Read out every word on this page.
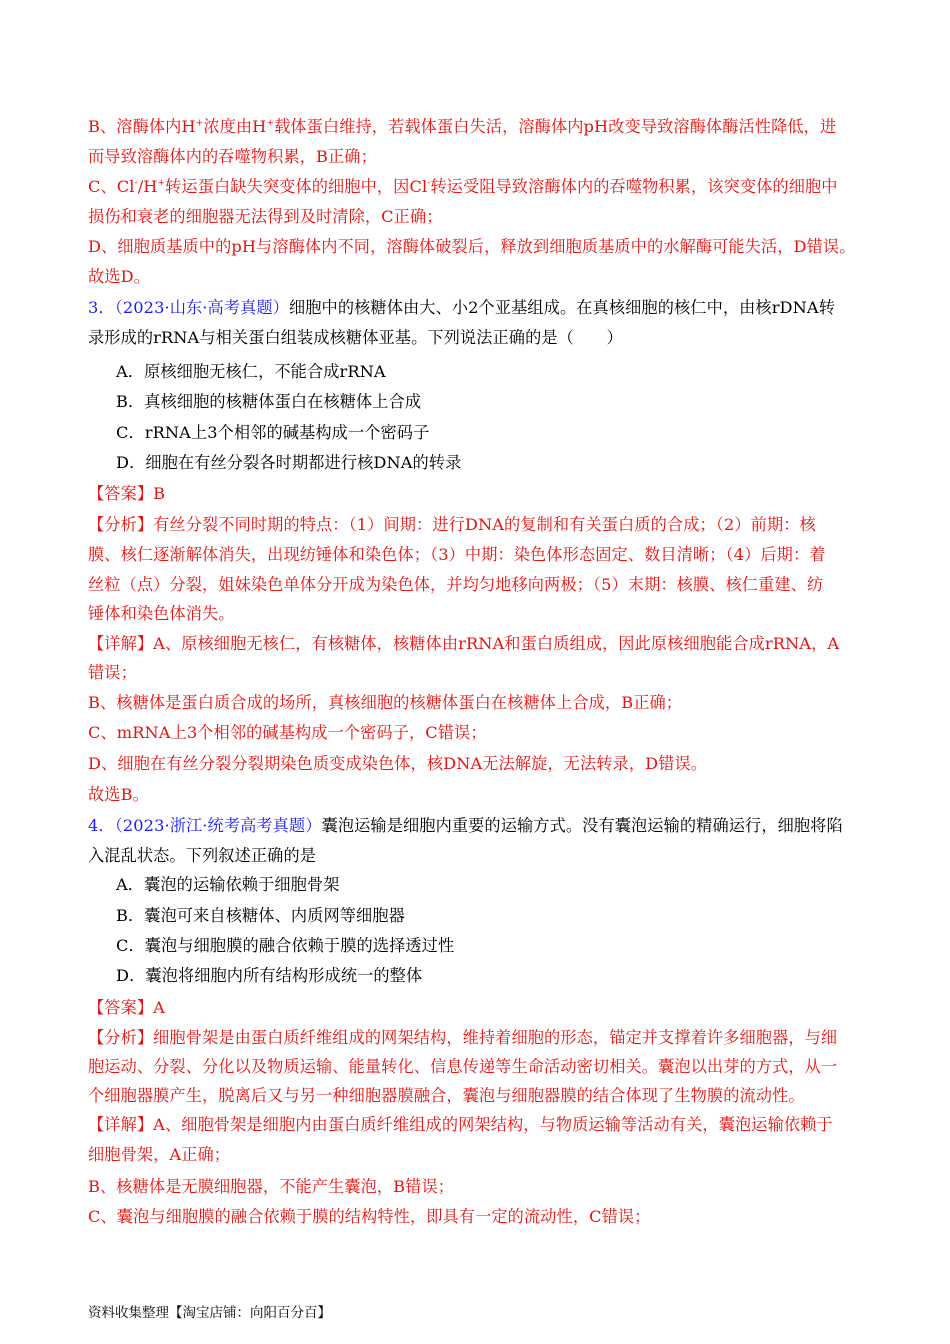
B、溶酶体内H+浓度由H+载体蛋白维持，若载体蛋白失活，溶酶体内pH改变导致溶酶体酶活性降低，进
而导致溶酶体内的吞噬物积累，B正确；
C、Cl-/H+转运蛋白缺失突变体的细胞中，因Cl-转运受阻导致溶酶体内的吞噬物积累，该突变体的细胞中
损伤和衰老的细胞器无法得到及时清除，C正确；
D、细胞质基质中的pH与溶酶体内不同，溶酶体破裂后，释放到细胞质基质中的水解酶可能失活，D错误。
故选D。
3．（2023·山东·高考真题）细胞中的核糖体由大、小2个亚基组成。在真核细胞的核仁中，由核rDNA转
录形成的rRNA与相关蛋白组装成核糖体亚基。下列说法正确的是（　　）
A．原核细胞无核仁，不能合成rRNA
B．真核细胞的核糖体蛋白在核糖体上合成
C．rRNA上3个相邻的碱基构成一个密码子
D．细胞在有丝分裂各时期都进行核DNA的转录
【答案】B
【分析】有丝分裂不同时期的特点：（1）间期：进行DNA的复制和有关蛋白质的合成；（2）前期：核
膜、核仁逐渐解体消失，出现纺锤体和染色体；（3）中期：染色体形态固定、数目清晰；（4）后期：着
丝粒（点）分裂，姐妹染色单体分开成为染色体，并均匀地移向两极；（5）末期：核膜、核仁重建、纺
锤体和染色体消失。
【详解】A、原核细胞无核仁，有核糖体，核糖体由rRNA和蛋白质组成，因此原核细胞能合成rRNA，A
错误；
B、核糖体是蛋白质合成的场所，真核细胞的核糖体蛋白在核糖体上合成，B正确；
C、mRNA上3个相邻的碱基构成一个密码子，C错误；
D、细胞在有丝分裂分裂期染色质变成染色体，核DNA无法解旋，无法转录，D错误。
故选B。
4．（2023·浙江·统考高考真题）囊泡运输是细胞内重要的运输方式。没有囊泡运输的精确运行，细胞将陷
入混乱状态。下列叙述正确的是
A．囊泡的运输依赖于细胞骨架
B．囊泡可来自核糖体、内质网等细胞器
C．囊泡与细胞膜的融合依赖于膜的选择透过性
D．囊泡将细胞内所有结构形成统一的整体
【答案】A
【分析】细胞骨架是由蛋白质纤维组成的网架结构，维持着细胞的形态，锚定并支撑着许多细胞器，与细
胞运动、分裂、分化以及物质运输、能量转化、信息传递等生命活动密切相关。囊泡以出芽的方式，从一
个细胞器膜产生，脱离后又与另一种细胞器膜融合，囊泡与细胞器膜的结合体现了生物膜的流动性。
【详解】A、细胞骨架是细胞内由蛋白质纤维组成的网架结构，与物质运输等活动有关，囊泡运输依赖于
细胞骨架，A正确；
B、核糖体是无膜细胞器，不能产生囊泡，B错误；
C、囊泡与细胞膜的融合依赖于膜的结构特性，即具有一定的流动性，C错误；
资料收集整理【淘宝店铺：向阳百分百】
